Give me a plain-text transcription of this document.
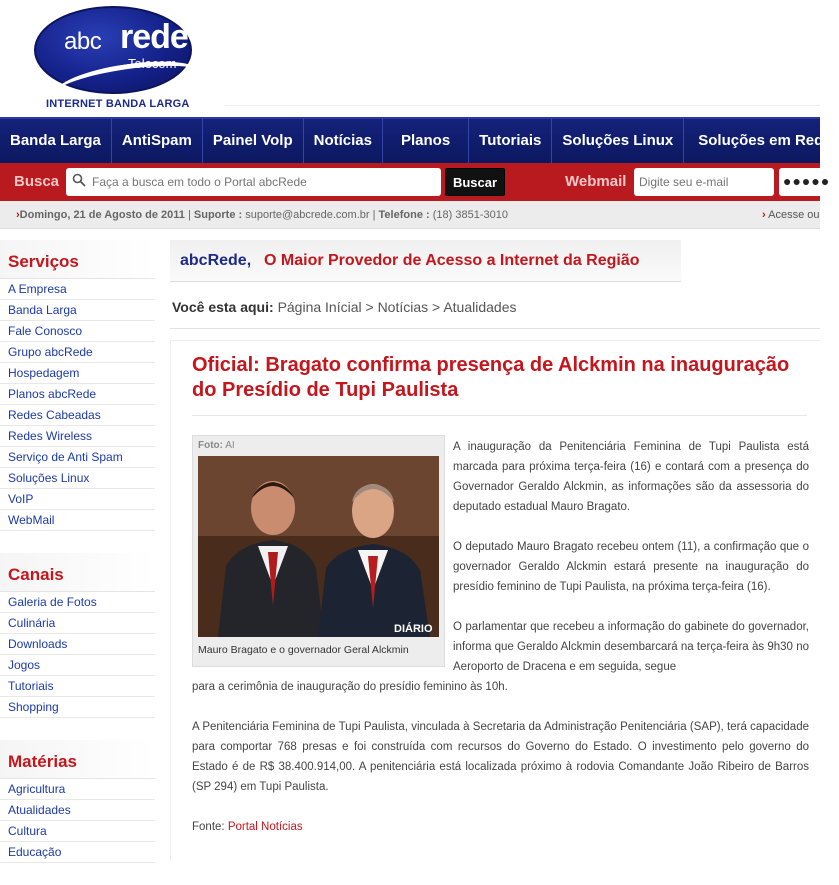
abc rede
Telecom
INTERNET BANDA LARGA
Banda Larga	AntiSpam	Painel Volp	Notícias	Planos	Tutoriais	Soluções Linux	Soluções em Red
Busca
Faça a busca em todo o Portal abcRede	Buscar	Webmail
Digite seu e-mail	●●●●●
›Domingo, 21 de Agosto de 2011 | Suporte : suporte@abcrede.com.br | Telefone : (18) 3851-3010	› Acesse ou
Serviços
A Empresa
Banda Larga
Fale Conosco
Grupo abcRede
Hospedagem
Planos abcRede
Redes Cabeadas
Redes Wireless
Serviço de Anti Spam
Soluções Linux
VoIP
WebMail
Canais
Galeria de Fotos
Culinária
Downloads
Jogos
Tutoriais
Shopping
Matérias
Agricultura
Atualidades
Cultura
Educação
abcRede, O Maior Provedor de Acesso a Internet da Região
Você esta aqui: Página Inícial > Notícias > Atualidades
Oficial: Bragato confirma presença de Alckmin na inauguração do Presídio de Tupi Paulista
Foto: AI
DIÁRIO
Mauro Bragato e o governador Geral Alckmin

A inauguração da Penitenciária Feminina de Tupi Paulista está marcada para próxima terça-feira (16) e contará com a presença do Governador Geraldo Alckmin, as informações são da assessoria do deputado estadual Mauro Bragato.

O deputado Mauro Bragato recebeu ontem (11), a confirmação que o governador Geraldo Alckmin estará presente na inauguração do presídio feminino de Tupi Paulista, na próxima terça-feira (16).

O parlamentar que recebeu a informação do gabinete do governador, informa que Geraldo Alckmin desembarcará na terça-feira às 9h30 no Aeroporto de Dracena e em seguida, segue

para a cerimônia de inauguração do presídio feminino às 10h.

A Penitenciária Feminina de Tupi Paulista, vinculada à Secretaria da Administração Penitenciária (SAP), terá capacidade para comportar 768 presas e foi construída com recursos do Governo do Estado. O investimento pelo governo do Estado é de R$ 38.400.914,00. A penitenciária está localizada próximo à rodovia Comandante João Ribeiro de Barros (SP 294) em Tupi Paulista.

Fonte: Portal Notícias
